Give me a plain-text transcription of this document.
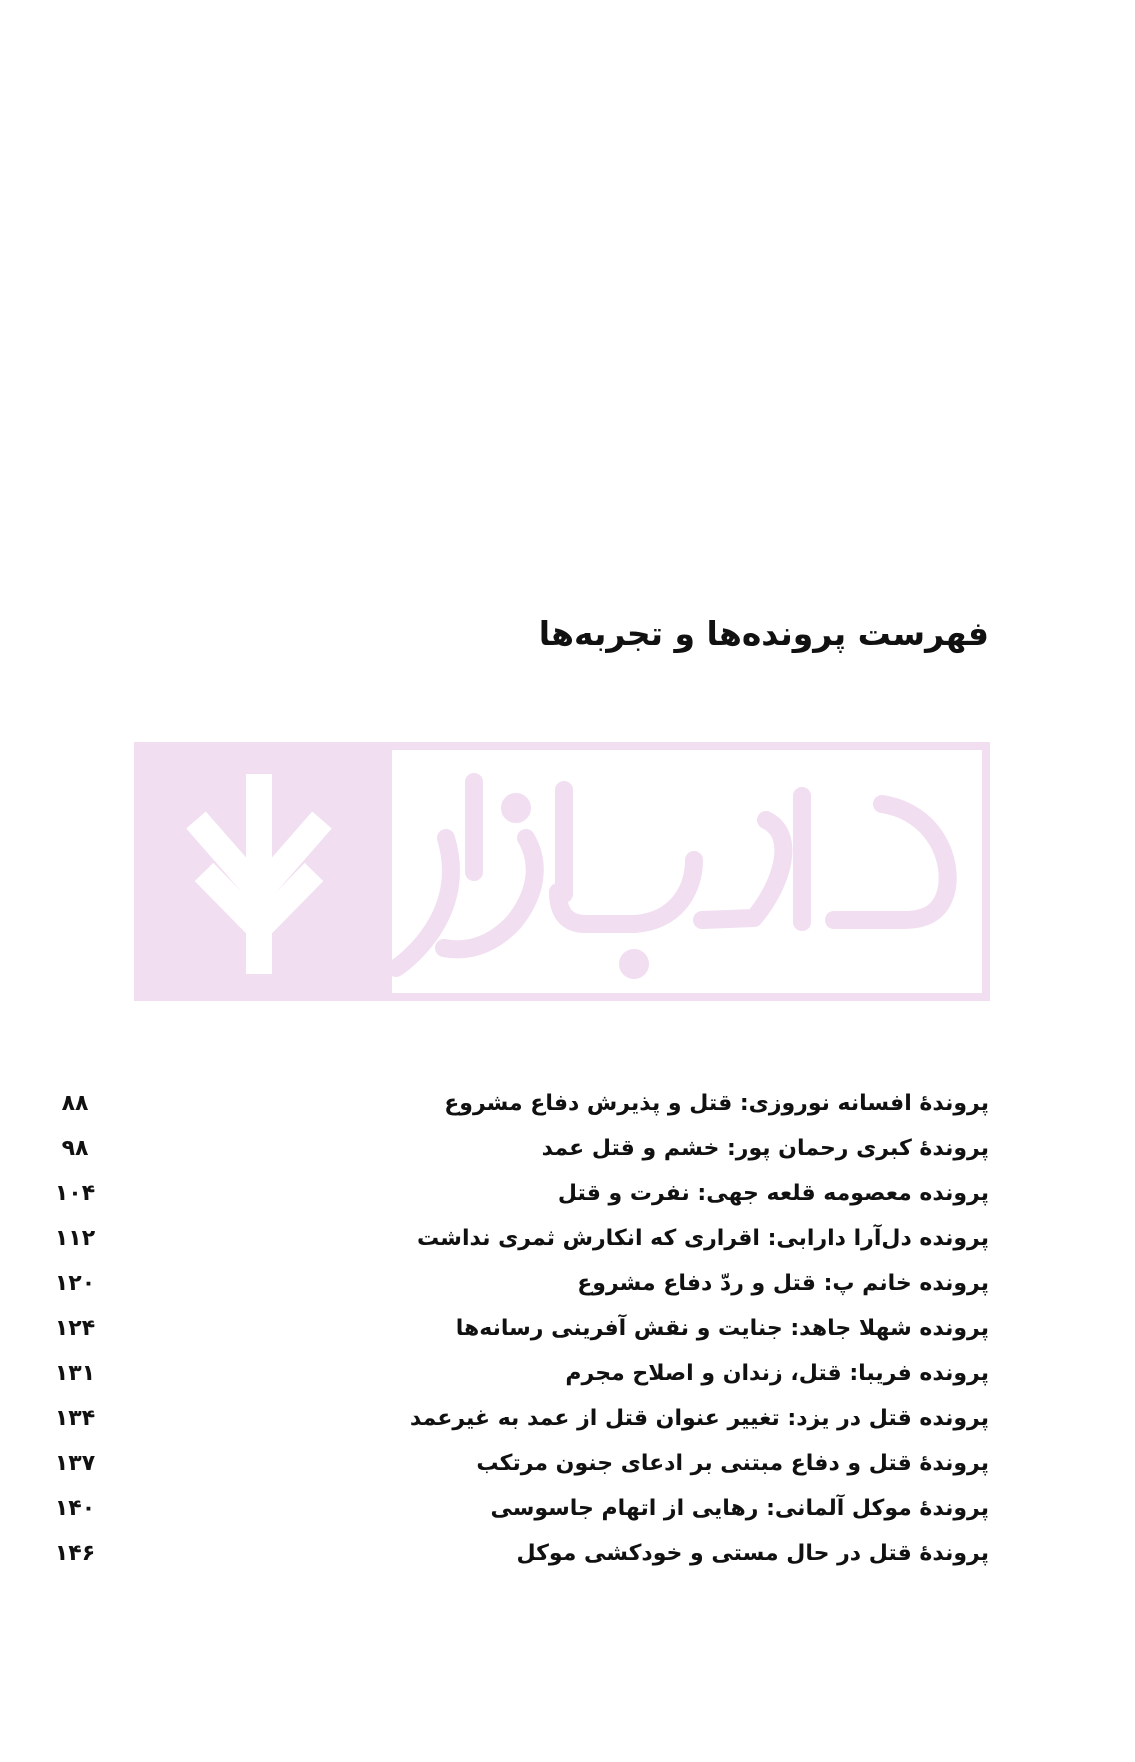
فهرست پرونده‌ها و تجربه‌ها
پروندهٔ افسانه نوروزی: قتل و پذیرش دفاع مشروع
۸۸
پروندهٔ کبری رحمان پور: خشم و قتل عمد
۹۸
پرونده معصومه قلعه جهی: نفرت و قتل
۱۰۴
پرونده دل‌آرا دارابی: اقراری که انکارش ثمری نداشت
۱۱۲
پرونده خانم پ: قتل و ردّ دفاع مشروع
۱۲۰
پرونده شهلا جاهد: جنایت و نقش آفرینی رسانه‌ها
۱۲۴
پرونده فریبا: قتل، زندان و اصلاح مجرم
۱۳۱
پرونده قتل در یزد: تغییر عنوان قتل از عمد به غیرعمد
۱۳۴
پروندهٔ قتل و دفاع مبتنی بر ادعای جنون مرتکب
۱۳۷
پروندهٔ موکل آلمانی: رهایی از اتهام جاسوسی
۱۴۰
پروندهٔ قتل در حال مستی و خودکشی موکل
۱۴۶
